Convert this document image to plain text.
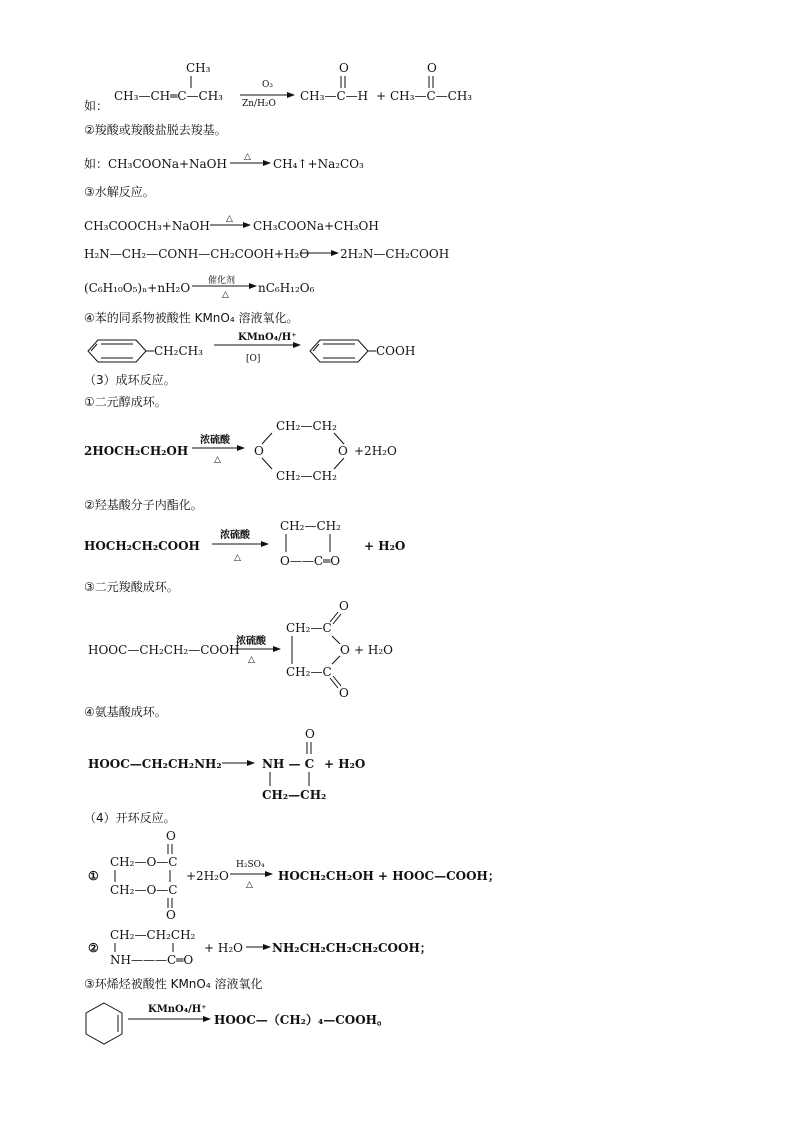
如：
CH₃
CH₃—CH═C—CH₃
O₃
Zn/H₂O
O
CH₃—C—H +
O
CH₃—C—CH₃
②羧酸或羧酸盐脱去羧基。
如：CH₃COONa+NaOH △ CH₄↑+Na₂CO₃
③水解反应。
CH₃COOCH₃+NaOH △ CH₃COONa+CH₃OH
H₂N—CH₂—CONH—CH₂COOH+H₂O	2H₂N—CH₂COOH
(C₆H₁₀O₅)ₙ+nH₂O 催化剂
△ nC₆H₁₂O₆
④苯的同系物被酸性 KMnO₄ 溶液氧化。
CH₂CH₃
KMnO₄/H⁺
[O]
COOH
（3）成环反应。
①二元醇成环。
2HOCH₂CH₂OH
浓硫酸
△
CH₂—CH₂
O	O
CH₂—CH₂
+2H₂O
②羟基酸分子内酯化。
HOCH₂CH₂COOH
浓硫酸
△
CH₂—CH₂
O——C═O
+ H₂O
③二元羧酸成环。
HOOC—CH₂CH₂—COOH
浓硫酸
△
O
CH₂—C
O
CH₂—C
O
+ H₂O
④氨基酸成环。
HOOC—CH₂CH₂NH₂
O
NH — C
CH₂—CH₂
+ H₂O
（4）开环反应。
①
O
CH₂—O—C
CH₂—O—C
O
+2H₂O
H₂SO₄
△
HOCH₂CH₂OH + HOOC—COOH；
②
CH₂—CH₂CH₂
NH———C═O
+ H₂O NH₂CH₂CH₂CH₂COOH；
③环烯烃被酸性 KMnO₄ 溶液氧化
KMnO₄/H⁺
HOOC—（CH₂）₄—COOH。
